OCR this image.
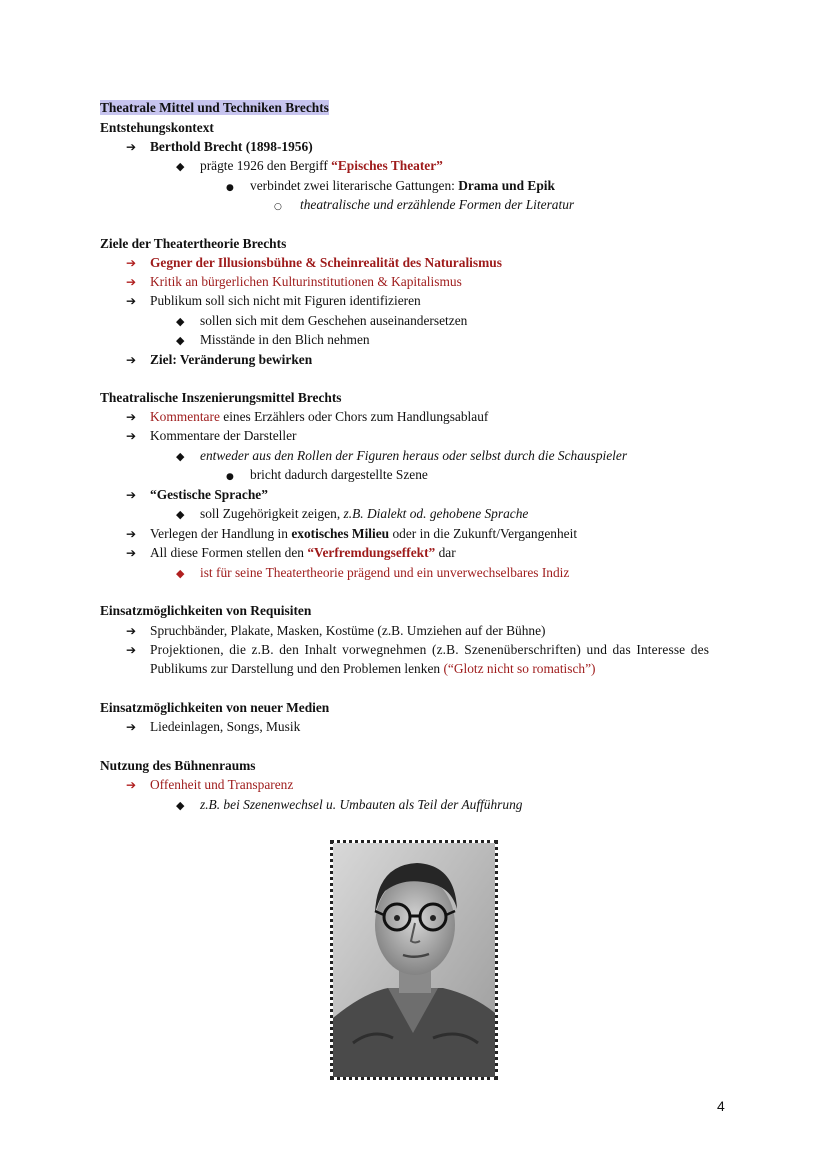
Theatrale Mittel und Techniken Brechts
Entstehungskontext
➔ Berthold Brecht (1898-1956)
◆ prägte 1926 den Bergiff “Episches Theater”
● verbindet zwei literarische Gattungen: Drama und Epik
○ theatralische und erzählende Formen der Literatur
Ziele der Theatertheorie Brechts
➔ Gegner der Illusionsbühne & Scheinrealität des Naturalismus
➔ Kritik an bürgerlichen Kulturinstitutionen & Kapitalismus
➔ Publikum soll sich nicht mit Figuren identifizieren
◆ sollen sich mit dem Geschehen auseinandersetzen
◆ Misstände in den Blich nehmen
➔ Ziel: Veränderung bewirken
Theatralische Inszenierungsmittel Brechts
➔ Kommentare eines Erzählers oder Chors zum Handlungsablauf
➔ Kommentare der Darsteller
◆ entweder aus den Rollen der Figuren heraus oder selbst durch die Schauspieler
● bricht dadurch dargestellte Szene
➔ “Gestische Sprache”
◆ soll Zugehörigkeit zeigen, z.B. Dialekt od. gehobene Sprache
➔ Verlegen der Handlung in exotisches Milieu oder in die Zukunft/Vergangenheit
➔ All diese Formen stellen den “Verfremdungseffekt” dar
◆ ist für seine Theatertheorie prägend und ein unverwechselbares Indiz
Einsatzmöglichkeiten von Requisiten
➔ Spruchbänder, Plakate, Masken, Kostüme (z.B. Umziehen auf der Bühne)
➔ Projektionen, die z.B. den Inhalt vorwegnehmen (z.B. Szenenüberschriften) und das Interesse des
Publikums zur Darstellung und den Problemen lenken (“Glotz nicht so romatisch”)
Einsatzmöglichkeiten von neuer Medien
➔ Liedeinlagen, Songs, Musik
Nutzung des Bühnenraums
➔ Offenheit und Transparenz
◆ z.B. bei Szenenwechsel u. Umbauten als Teil der Aufführung
4
